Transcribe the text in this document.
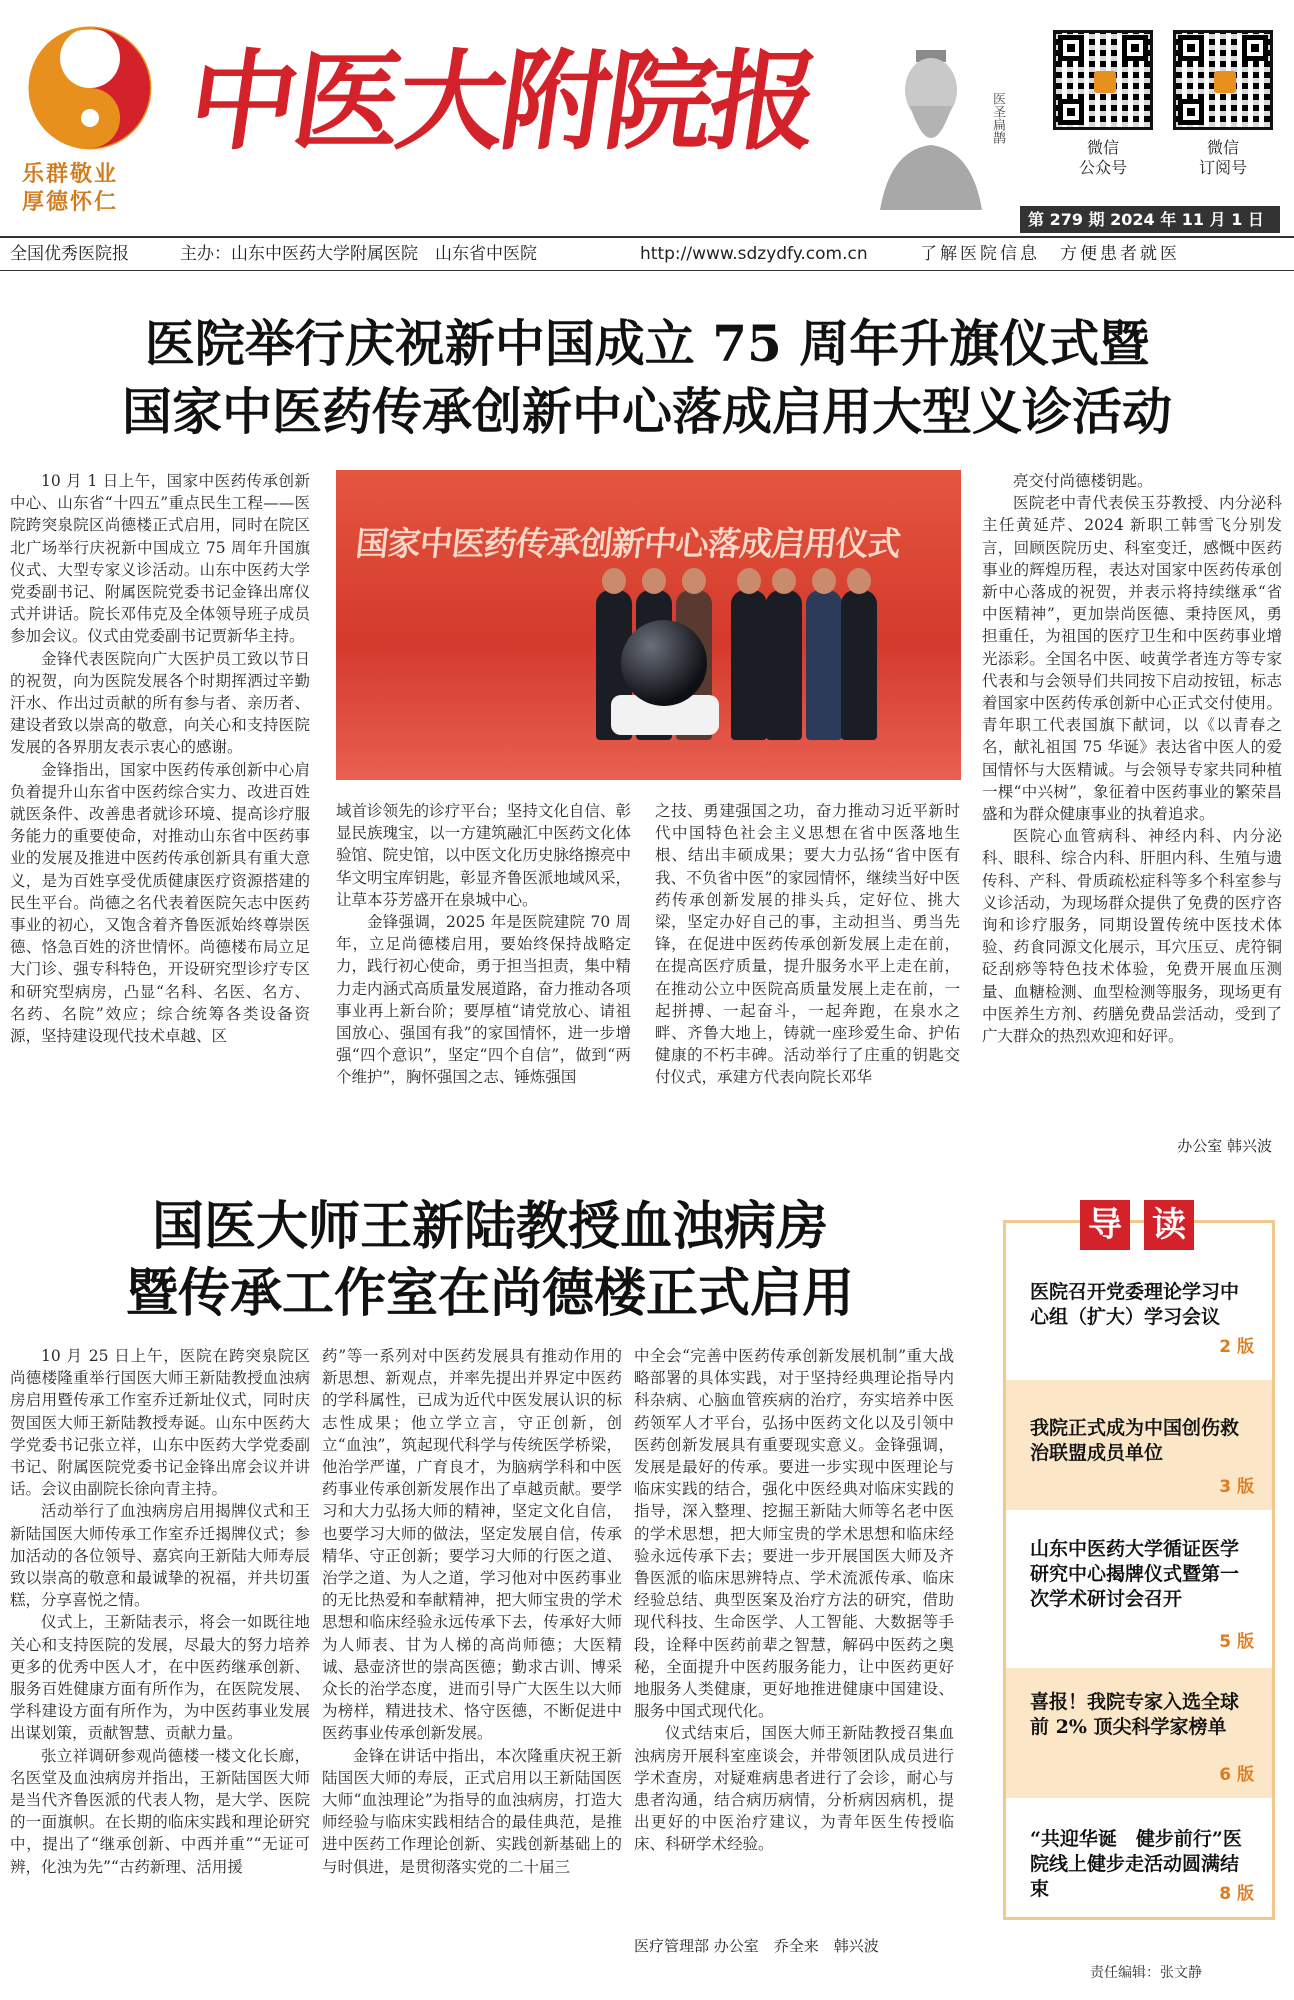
乐群敬业
厚德怀仁
中医大附院报	医圣扁鹊
微信
公众号
微信
订阅号
第 279 期 2024 年 11 月 1 日
全国优秀医院报	主办：山东中医药大学附属医院　山东省中医院	http://www.sdzydfy.com.cn	了解医院信息　方便患者就医
医院举行庆祝新中国成立 75 周年升旗仪式暨
国家中医药传承创新中心落成启用大型义诊活动

10 月 1 日上午，国家中医药传承创新中心、山东省“十四五”重点民生工程——医院跨突泉院区尚德楼正式启用，同时在院区北广场举行庆祝新中国成立 75 周年升国旗仪式、大型专家义诊活动。山东中医药大学党委副书记、附属医院党委书记金锋出席仪式并讲话。院长邓伟克及全体领导班子成员参加会议。仪式由党委副书记贾新华主持。

金锋代表医院向广大医护员工致以节日的祝贺，向为医院发展各个时期挥洒过辛勤汗水、作出过贡献的所有参与者、亲历者、建设者致以崇高的敬意，向关心和支持医院发展的各界朋友表示衷心的感谢。

金锋指出，国家中医药传承创新中心肩负着提升山东省中医药综合实力、改进百姓就医条件、改善患者就诊环境、提高诊疗服务能力的重要使命，对推动山东省中医药事业的发展及推进中医药传承创新具有重大意义，是为百姓享受优质健康医疗资源搭建的民生平台。尚德之名代表着医院矢志中医药事业的初心，又饱含着齐鲁医派始终尊崇医德、恪急百姓的济世情怀。尚德楼布局立足大门诊、强专科特色，开设研究型诊疗专区和研究型病房，凸显“名科、名医、名方、名药、名院”效应；综合统筹各类设备资源，坚持建设现代技术卓越、区

国家中医药传承创新中心落成启用仪式

域首诊领先的诊疗平台；坚持文化自信、彰显民族瑰宝，以一方建筑融汇中医药文化体验馆、院史馆，以中医文化历史脉络擦亮中华文明宝库钥匙，彰显齐鲁医派地域风采，让草本芬芳盛开在泉城中心。

金锋强调，2025 年是医院建院 70 周年，立足尚德楼启用，要始终保持战略定力，践行初心使命，勇于担当担责，集中精力走内涵式高质量发展道路，奋力推动各项事业再上新台阶；要厚植“请党放心、请祖国放心、强国有我”的家国情怀，进一步增强“四个意识”，坚定“四个自信”，做到“两个维护”，胸怀强国之志、锤炼强国

之技、勇建强国之功，奋力推动习近平新时代中国特色社会主义思想在省中医落地生根、结出丰硕成果；要大力弘扬“省中医有我、不负省中医”的家园情怀，继续当好中医药传承创新发展的排头兵，定好位、挑大梁，坚定办好自己的事，主动担当、勇当先锋，在促进中医药传承创新发展上走在前，在提高医疗质量，提升服务水平上走在前，在推动公立中医院高质量发展上走在前，一起拼搏、一起奋斗，一起奔跑，在泉水之畔、齐鲁大地上，铸就一座珍爱生命、护佑健康的不朽丰碑。活动举行了庄重的钥匙交付仪式，承建方代表向院长邓华

亮交付尚德楼钥匙。

医院老中青代表侯玉芬教授、内分泌科主任黄延芹、2024 新职工韩雪飞分别发言，回顾医院历史、科室变迁，感慨中医药事业的辉煌历程，表达对国家中医药传承创新中心落成的祝贺，并表示将持续继承“省中医精神”，更加崇尚医德、秉持医风，勇担重任，为祖国的医疗卫生和中医药事业增光添彩。全国名中医、岐黄学者连方等专家代表和与会领导们共同按下启动按钮，标志着国家中医药传承创新中心正式交付使用。青年职工代表国旗下献词，以《以青春之名，献礼祖国 75 华诞》表达省中医人的爱国情怀与大医精诚。与会领导专家共同种植一棵“中兴树”，象征着中医药事业的繁荣昌盛和为群众健康事业的执着追求。

医院心血管病科、神经内科、内分泌科、眼科、综合内科、肝胆内科、生殖与遗传科、产科、骨质疏松症科等多个科室参与义诊活动，为现场群众提供了免费的医疗咨询和诊疗服务，同期设置传统中医技术体验、药食同源文化展示，耳穴压豆、虎符铜砭刮痧等特色技术体验，免费开展血压测量、血糖检测、血型检测等服务，现场更有中医养生方剂、药膳免费品尝活动，受到了广大群众的热烈欢迎和好评。

办公室 韩兴波
国医大师王新陆教授血浊病房
暨传承工作室在尚德楼正式启用

10 月 25 日上午，医院在跨突泉院区尚德楼隆重举行国医大师王新陆教授血浊病房启用暨传承工作室乔迁新址仪式，同时庆贺国医大师王新陆教授寿诞。山东中医药大学党委书记张立祥，山东中医药大学党委副书记、附属医院党委书记金锋出席会议并讲话。会议由副院长徐向青主持。

活动举行了血浊病房启用揭牌仪式和王新陆国医大师传承工作室乔迁揭牌仪式；参加活动的各位领导、嘉宾向王新陆大师寿辰致以崇高的敬意和最诚挚的祝福，并共切蛋糕，分享喜悦之情。

仪式上，王新陆表示，将会一如既往地关心和支持医院的发展，尽最大的努力培养更多的优秀中医人才，在中医药继承创新、服务百姓健康方面有所作为，在医院发展、学科建设方面有所作为，为中医药事业发展出谋划策，贡献智慧、贡献力量。

张立祥调研参观尚德楼一楼文化长廊，名医堂及血浊病房并指出，王新陆国医大师是当代齐鲁医派的代表人物，是大学、医院的一面旗帜。在长期的临床实践和理论研究中，提出了“继承创新、中西并重”“无证可辨，化浊为先”“古药新理、活用援

药”等一系列对中医药发展具有推动作用的新思想、新观点，并率先提出并界定中医药的学科属性，已成为近代中医发展认识的标志性成果；他立学立言，守正创新，创立“血浊”，筑起现代科学与传统医学桥梁，他治学严谨，广育良才，为脑病学科和中医药事业传承创新发展作出了卓越贡献。要学习和大力弘扬大师的精神，坚定文化自信，也要学习大师的做法，坚定发展自信，传承精华、守正创新；要学习大师的行医之道、治学之道、为人之道，学习他对中医药事业的无比热爱和奉献精神，把大师宝贵的学术思想和临床经验永远传承下去，传承好大师为人师表、甘为人梯的高尚师德；大医精诚、悬壶济世的崇高医德；勤求古训、博采众长的治学态度，进而引导广大医生以大师为榜样，精进技术、恪守医德，不断促进中医药事业传承创新发展。

金锋在讲话中指出，本次隆重庆祝王新陆国医大师的寿辰，正式启用以王新陆国医大师“血浊理论”为指导的血浊病房，打造大师经验与临床实践相结合的最佳典范，是推进中医药工作理论创新、实践创新基础上的与时俱进，是贯彻落实党的二十届三

中全会“完善中医药传承创新发展机制”重大战略部署的具体实践，对于坚持经典理论指导内科杂病、心脑血管疾病的治疗，夯实培养中医药领军人才平台，弘扬中医药文化以及引领中医药创新发展具有重要现实意义。金锋强调，发展是最好的传承。要进一步实现中医理论与临床实践的结合，强化中医经典对临床实践的指导，深入整理、挖掘王新陆大师等名老中医的学术思想，把大师宝贵的学术思想和临床经验永远传承下去；要进一步开展国医大师及齐鲁医派的临床思辨特点、学术流派传承、临床经验总结、典型医案及治疗方法的研究，借助现代科技、生命医学、人工智能、大数据等手段，诠释中医药前辈之智慧，解码中医药之奥秘，全面提升中医药服务能力，让中医药更好地服务人类健康，更好地推进健康中国建设、服务中国式现代化。

仪式结束后，国医大师王新陆教授召集血浊病房开展科室座谈会，并带领团队成员进行学术查房，对疑难病患者进行了会诊，耐心与患者沟通，结合病历病情，分析病因病机，提出更好的中医治疗建议，为青年医生传授临床、科研学术经验。

医疗管理部 办公室　乔全来　韩兴波
导 读
医院召开党委理论学习中心组（扩大）学习会议
2 版
我院正式成为中国创伤救治联盟成员单位
3 版
山东中医药大学循证医学研究中心揭牌仪式暨第一次学术研讨会召开
5 版
喜报！我院专家入选全球前 2% 顶尖科学家榜单
6 版
“共迎华诞　健步前行”医院线上健步走活动圆满结束	8 版
责任编辑：张文静
